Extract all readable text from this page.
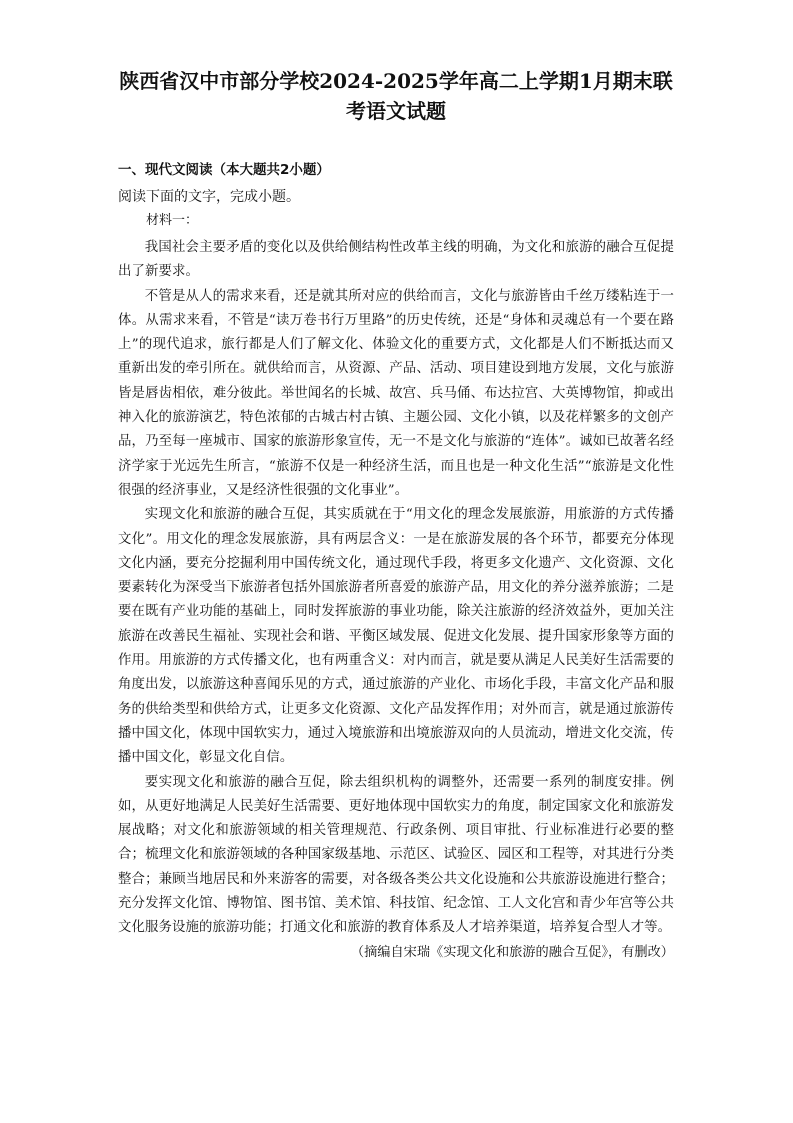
陕西省汉中市部分学校2024-2025学年高二上学期1月期末联考语文试题
一、现代文阅读（本大题共2小题）
阅读下面的文字，完成小题。
材料一：

我国社会主要矛盾的变化以及供给侧结构性改革主线的明确，为文化和旅游的融合互促提出了新要求。

不管是从人的需求来看，还是就其所对应的供给而言，文化与旅游皆由千丝万缕粘连于一体。从需求来看，不管是“读万卷书行万里路”的历史传统，还是“身体和灵魂总有一个要在路上”的现代追求，旅行都是人们了解文化、体验文化的重要方式，文化都是人们不断抵达而又重新出发的牵引所在。就供给而言，从资源、产品、活动、项目建设到地方发展，文化与旅游皆是唇齿相依，难分彼此。举世闻名的长城、故宫、兵马俑、布达拉宫、大英博物馆，抑或出神入化的旅游演艺，特色浓郁的古城古村古镇、主题公园、文化小镇，以及花样繁多的文创产品，乃至每一座城市、国家的旅游形象宣传，无一不是文化与旅游的“连体”。诚如已故著名经济学家于光远先生所言，“旅游不仅是一种经济生活，而且也是一种文化生活”“旅游是文化性很强的经济事业，又是经济性很强的文化事业”。

实现文化和旅游的融合互促，其实质就在于“用文化的理念发展旅游，用旅游的方式传播文化”。用文化的理念发展旅游，具有两层含义：一是在旅游发展的各个环节，都要充分体现文化内涵，要充分挖掘利用中国传统文化，通过现代手段，将更多文化遗产、文化资源、文化要素转化为深受当下旅游者包括外国旅游者所喜爱的旅游产品，用文化的养分滋养旅游；二是要在既有产业功能的基础上，同时发挥旅游的事业功能，除关注旅游的经济效益外，更加关注旅游在改善民生福祉、实现社会和谐、平衡区域发展、促进文化发展、提升国家形象等方面的作用。用旅游的方式传播文化，也有两重含义：对内而言，就是要从满足人民美好生活需要的角度出发，以旅游这种喜闻乐见的方式，通过旅游的产业化、市场化手段，丰富文化产品和服务的供给类型和供给方式，让更多文化资源、文化产品发挥作用；对外而言，就是通过旅游传播中国文化，体现中国软实力，通过入境旅游和出境旅游双向的人员流动，增进文化交流，传播中国文化，彰显文化自信。

要实现文化和旅游的融合互促，除去组织机构的调整外，还需要一系列的制度安排。例如，从更好地满足人民美好生活需要、更好地体现中国软实力的角度，制定国家文化和旅游发展战略；对文化和旅游领域的相关管理规范、行政条例、项目审批、行业标准进行必要的整合；梳理文化和旅游领域的各种国家级基地、示范区、试验区、园区和工程等，对其进行分类整合；兼顾当地居民和外来游客的需要，对各级各类公共文化设施和公共旅游设施进行整合；充分发挥文化馆、博物馆、图书馆、美术馆、科技馆、纪念馆、工人文化宫和青少年宫等公共文化服务设施的旅游功能；打通文化和旅游的教育体系及人才培养渠道，培养复合型人才等。

（摘编自宋瑞《实现文化和旅游的融合互促》，有删改）
